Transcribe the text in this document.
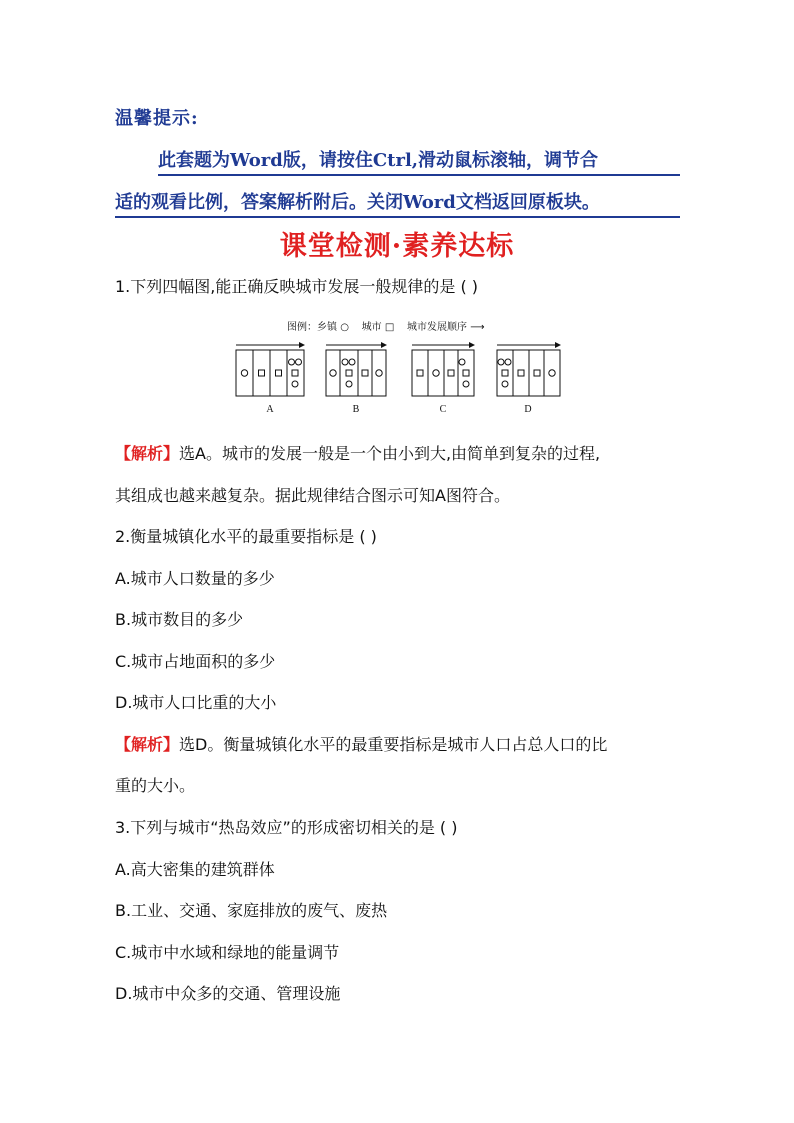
温馨提示:
此套题为Word版，请按住Ctrl,滑动鼠标滚轴，调节合
适的观看比例，答案解析附后。关闭Word文档返回原板块。
课堂检测·素养达标
1.下列四幅图,能正确反映城市发展一般规律的是 ( )
图例：乡镇 ○    城市 □ 城市发展顺序 ⟶
A	B	C	D
【解析】选A。城市的发展一般是一个由小到大,由简单到复杂的过程,
其组成也越来越复杂。据此规律结合图示可知A图符合。
2.衡量城镇化水平的最重要指标是 ( )
A.城市人口数量的多少
B.城市数目的多少
C.城市占地面积的多少
D.城市人口比重的大小
【解析】选D。衡量城镇化水平的最重要指标是城市人口占总人口的比
重的大小。
3.下列与城市“热岛效应”的形成密切相关的是 ( )
A.高大密集的建筑群体
B.工业、交通、家庭排放的废气、废热
C.城市中水域和绿地的能量调节
D.城市中众多的交通、管理设施
